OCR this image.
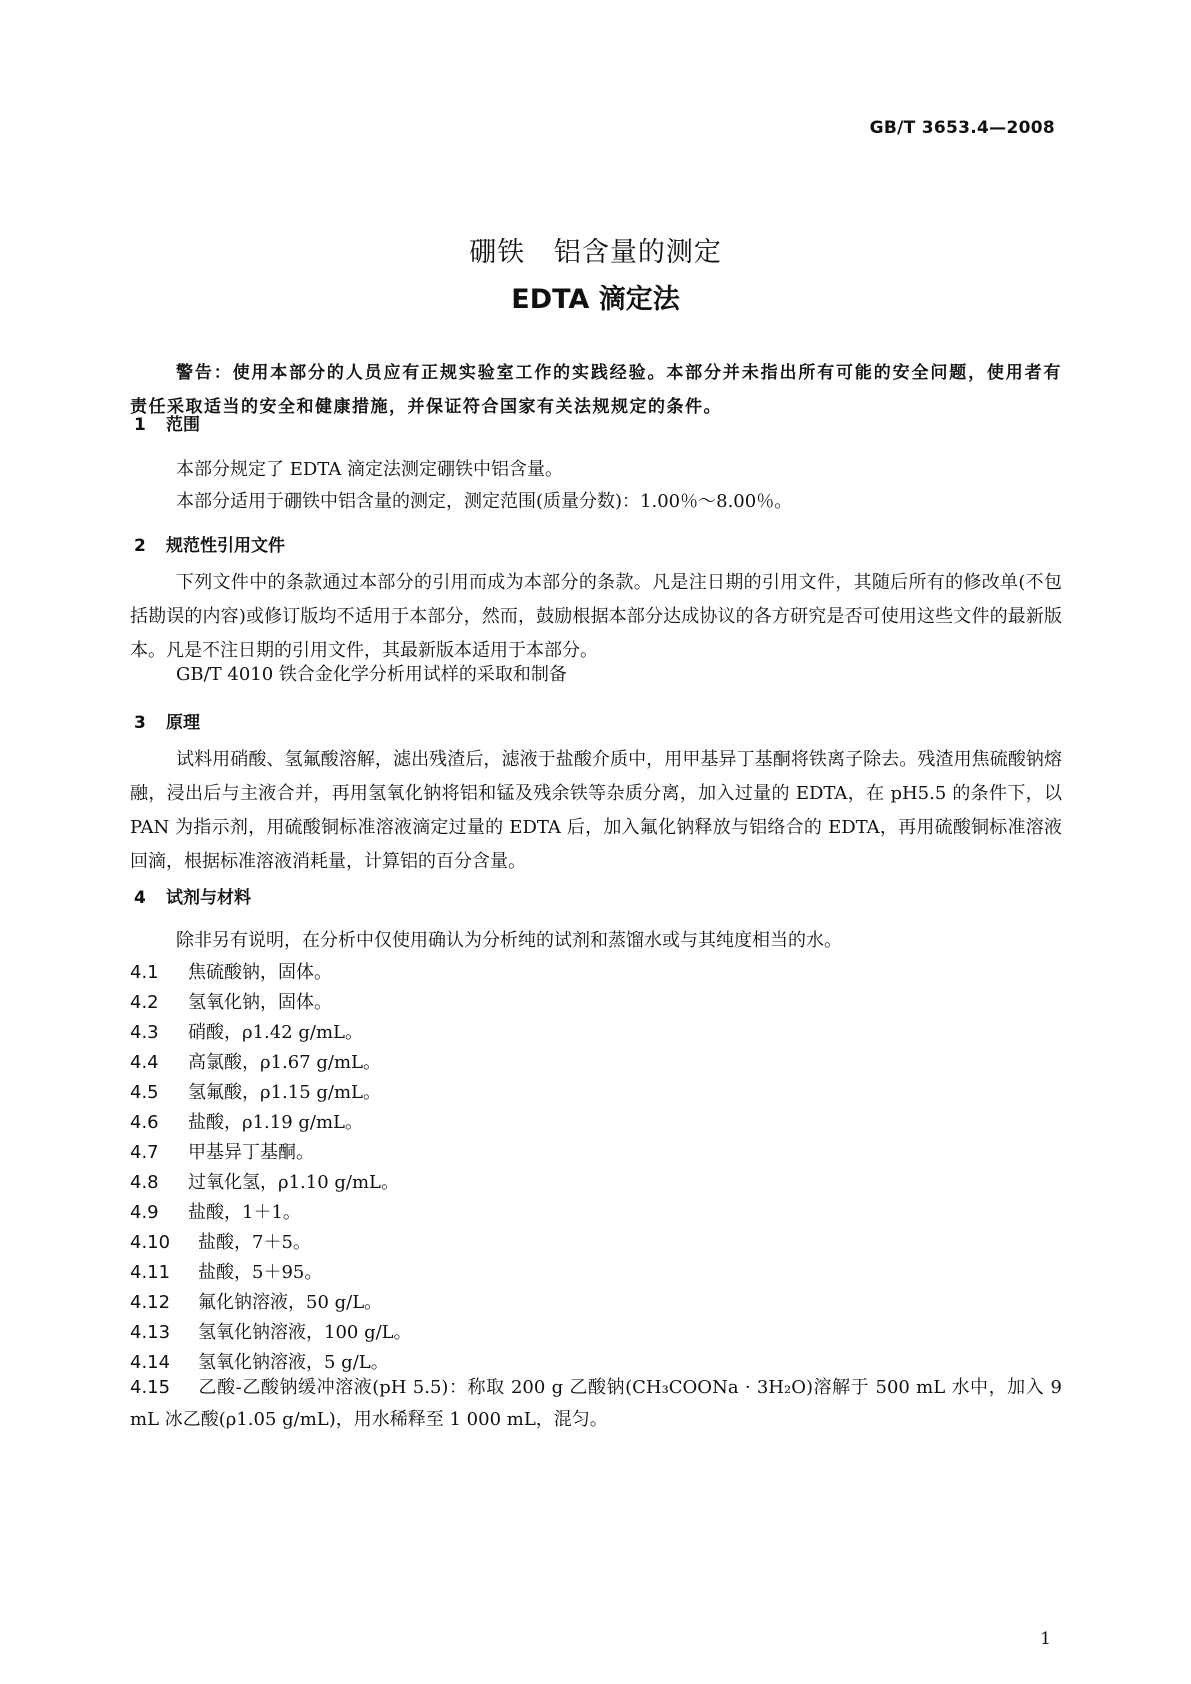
GB/T 3653.4—2008
硼铁   铝含量的测定
EDTA 滴定法
警告：使用本部分的人员应有正规实验室工作的实践经验。本部分并未指出所有可能的安全问题，使用者有责任采取适当的安全和健康措施，并保证符合国家有关法规规定的条件。
1 范围
本部分规定了 EDTA 滴定法测定硼铁中铝含量。
本部分适用于硼铁中铝含量的测定，测定范围(质量分数)：1.00％～8.00％。
2 规范性引用文件
下列文件中的条款通过本部分的引用而成为本部分的条款。凡是注日期的引用文件，其随后所有的修改单(不包括勘误的内容)或修订版均不适用于本部分，然而，鼓励根据本部分达成协议的各方研究是否可使用这些文件的最新版本。凡是不注日期的引用文件，其最新版本适用于本部分。
GB/T 4010 铁合金化学分析用试样的采取和制备
3 原理
试料用硝酸、氢氟酸溶解，滤出残渣后，滤液于盐酸介质中，用甲基异丁基酮将铁离子除去。残渣用焦硫酸钠熔融，浸出后与主液合并，再用氢氧化钠将铝和锰及残余铁等杂质分离，加入过量的 EDTA，在 pH5.5 的条件下，以 PAN 为指示剂，用硫酸铜标准溶液滴定过量的 EDTA 后，加入氟化钠释放与铝络合的 EDTA，再用硫酸铜标准溶液回滴，根据标准溶液消耗量，计算铝的百分含量。
4 试剂与材料
除非另有说明，在分析中仅使用确认为分析纯的试剂和蒸馏水或与其纯度相当的水。
4.1 焦硫酸钠，固体。
4.2 氢氧化钠，固体。
4.3 硝酸，ρ1.42 g/mL。
4.4 高氯酸，ρ1.67 g/mL。
4.5 氢氟酸，ρ1.15 g/mL。
4.6 盐酸，ρ1.19 g/mL。
4.7 甲基异丁基酮。
4.8 过氧化氢，ρ1.10 g/mL。
4.9 盐酸，1＋1。
4.10 盐酸，7＋5。
4.11 盐酸，5＋95。
4.12 氟化钠溶液，50 g/L。
4.13 氢氧化钠溶液，100 g/L。
4.14 氢氧化钠溶液，5 g/L。
4.15 乙酸-乙酸钠缓冲溶液(pH 5.5)：称取 200 g 乙酸钠(CH₃COONa · 3H₂O)溶解于 500 mL 水中，加入 9 mL 冰乙酸(ρ1.05 g/mL)，用水稀释至 1 000 mL，混匀。
1
